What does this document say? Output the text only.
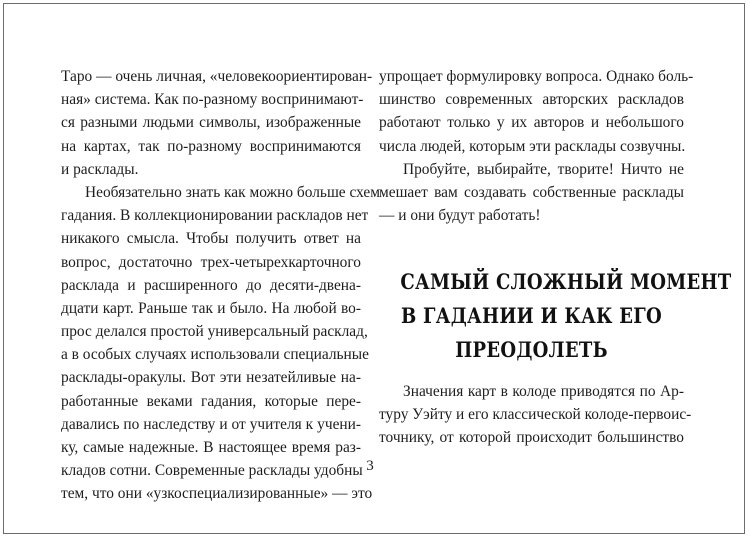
Таро — очень личная, «человекоориентирован-
ная» система. Как по-разному воспринимают-
ся разными людьми символы, изображенные
на картах, так по-разному воспринимаются
и расклады.
Необязательно знать как можно больше схем
гадания. В коллекционировании раскладов нет
никакого смысла. Чтобы получить ответ на
вопрос, достаточно трех-четырехкарточного
расклада и расширенного до десяти-двена-
дцати карт. Раньше так и было. На любой во-
прос делался простой универсальный расклад,
а в особых случаях использовали специальные
расклады-оракулы. Вот эти незатейливые на-
работанные веками гадания, которые пере-
давались по наследству и от учителя к учени-
ку, самые надежные. В настоящее время раз-
кладов сотни. Современные расклады удобны
тем, что они «узкоспециализированные» — это
упрощает формулировку вопроса. Однако боль-
шинство современных авторских раскладов
работают только у их авторов и небольшого
числа людей, которым эти расклады созвучны.
Пробуйте, выбирайте, творите! Ничто не
мешает вам создавать собственные расклады
— и они будут работать!
САМЫЙ СЛОЖНЫЙ МОМЕНТ
В ГАДАНИИ И КАК ЕГО
ПРЕОДОЛЕТЬ
Значения карт в колоде приводятся по Ар-
туру Уэйту и его классической колоде-первоис-
точнику, от которой происходит большинство
3
